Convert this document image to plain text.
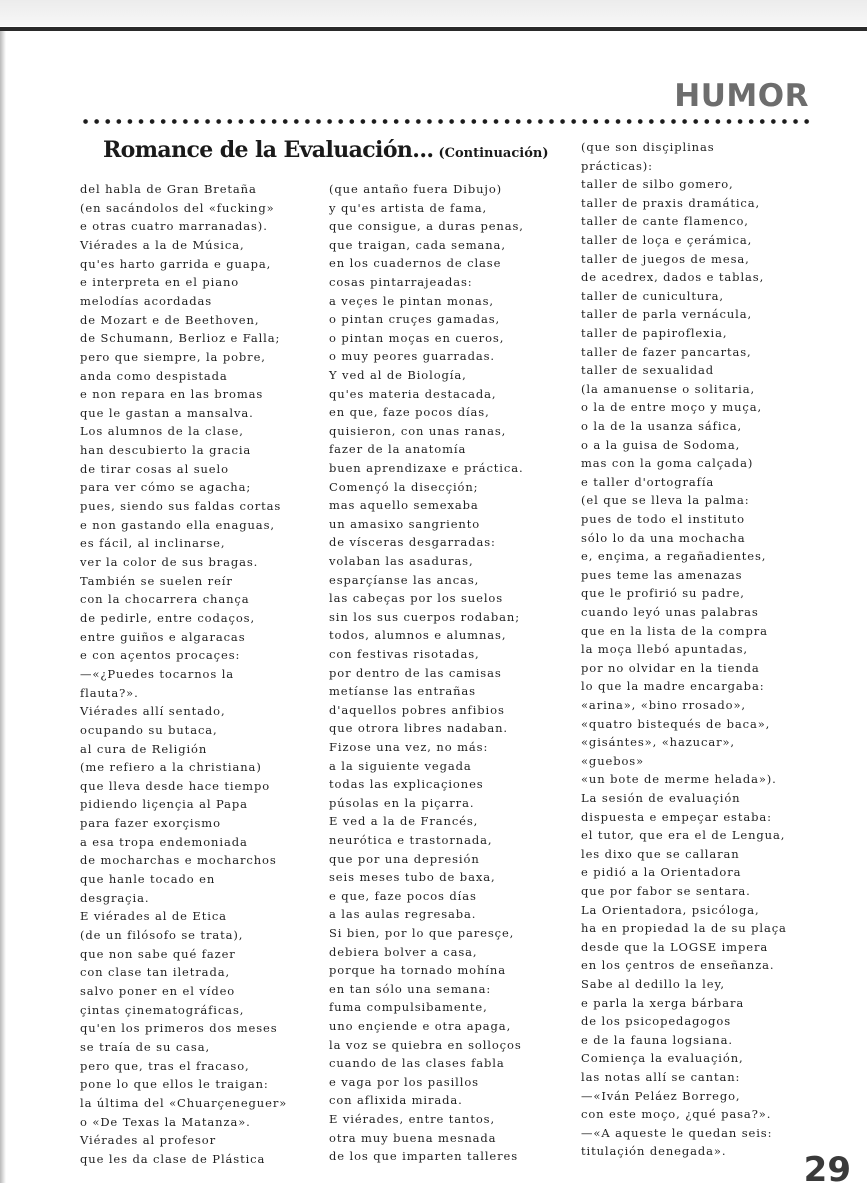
HUMOR
Romance de la Evaluación... (Continuación)
del habla de Gran Bretaña
(en sacándolos del «fucking»
e otras cuatro marranadas).
Viérades a la de Música,
qu'es harto garrida e guapa,
e interpreta en el piano
melodías acordadas
de Mozart e de Beethoven,
de Schumann, Berlioz e Falla;
pero que siempre, la pobre,
anda como despistada
e non repara en las bromas
que le gastan a mansalva.
Los alumnos de la clase,
han descubierto la gracia
de tirar cosas al suelo
para ver cómo se agacha;
pues, siendo sus faldas cortas
e non gastando ella enaguas,
es fácil, al inclinarse,
ver la color de sus bragas.
También se suelen reír
con la chocarrera chança
de pedirle, entre codaços,
entre guiños e algaracas
e con açentos procaçes:
—«¿Puedes tocarnos la
flauta?».
Viérades allí sentado,
ocupando su butaca,
al cura de Religión
(me refiero a la christiana)
que lleva desde hace tiempo
pidiendo liçençia al Papa
para fazer exorçismo
a esa tropa endemoniada
de mocharchas e mocharchos
que hanle tocado en
desgraçia.
E viérades al de Etica
(de un filósofo se trata),
que non sabe qué fazer
con clase tan iletrada,
salvo poner en el vídeo
çintas çinematográficas,
qu'en los primeros dos meses
se traía de su casa,
pero que, tras el fracaso,
pone lo que ellos le traigan:
la última del «Chuarçeneguer»
o «De Texas la Matanza».
Viérades al profesor
que les da clase de Plástica
(que antaño fuera Dibujo)
y qu'es artista de fama,
que consigue, a duras penas,
que traigan, cada semana,
en los cuadernos de clase
cosas pintarrajeadas:
a veçes le pintan monas,
o pintan cruçes gamadas,
o pintan moças en cueros,
o muy peores guarradas.
Y ved al de Biología,
qu'es materia destacada,
en que, faze pocos días,
quisieron, con unas ranas,
fazer de la anatomía
buen aprendizaxe e práctica.
Començó la disecçión;
mas aquello semexaba
un amasixo sangriento
de vísceras desgarradas:
volaban las asaduras,
esparçíanse las ancas,
las cabeças por los suelos
sin los sus cuerpos rodaban;
todos, alumnos e alumnas,
con festivas risotadas,
por dentro de las camisas
metíanse las entrañas
d'aquellos pobres anfibios
que otrora libres nadaban.
Fizose una vez, no más:
a la siguiente vegada
todas las explicaçiones
púsolas en la piçarra.
E ved a la de Francés,
neurótica e trastornada,
que por una depresión
seis meses tubo de baxa,
e que, faze pocos días
a las aulas regresaba.
Si bien, por lo que paresçe,
debiera bolver a casa,
porque ha tornado mohína
en tan sólo una semana:
fuma compulsibamente,
uno ençiende e otra apaga,
la voz se quiebra en solloços
cuando de las clases fabla
e vaga por los pasillos
con aflixida mirada.
E viérades, entre tantos,
otra muy buena mesnada
de los que imparten talleres
(que son disçiplinas
prácticas):
taller de silbo gomero,
taller de praxis dramática,
taller de cante flamenco,
taller de loça e çerámica,
taller de juegos de mesa,
de acedrex, dados e tablas,
taller de cunicultura,
taller de parla vernácula,
taller de papiroflexia,
taller de fazer pancartas,
taller de sexualidad
(la amanuense o solitaria,
o la de entre moço y muça,
o la de la usanza sáfica,
o a la guisa de Sodoma,
mas con la goma calçada)
e taller d'ortografía
(el que se lleva la palma:
pues de todo el instituto
sólo lo da una mochacha
e, ençima, a regañadientes,
pues teme las amenazas
que le profirió su padre,
cuando leyó unas palabras
que en la lista de la compra
la moça llebó apuntadas,
por no olvidar en la tienda
lo que la madre encargaba:
«arina», «bino rrosado»,
«quatro bistequés de baca»,
«gisántes», «hazucar»,
«guebos»
«un bote de merme helada»).
La sesión de evaluaçión
dispuesta e empeçar estaba:
el tutor, que era el de Lengua,
les dixo que se callaran
e pidió a la Orientadora
que por fabor se sentara.
La Orientadora, psicóloga,
ha en propiedad la de su plaça
desde que la LOGSE impera
en los çentros de enseñanza.
Sabe al dedillo la ley,
e parla la xerga bárbara
de los psicopedagogos
e de la fauna logsiana.
Comiença la evaluaçión,
las notas allí se cantan:
—«Iván Peláez Borrego,
con este moço, ¿qué pasa?».
—«A aqueste le quedan seis:
titulaçión denegada». 29
